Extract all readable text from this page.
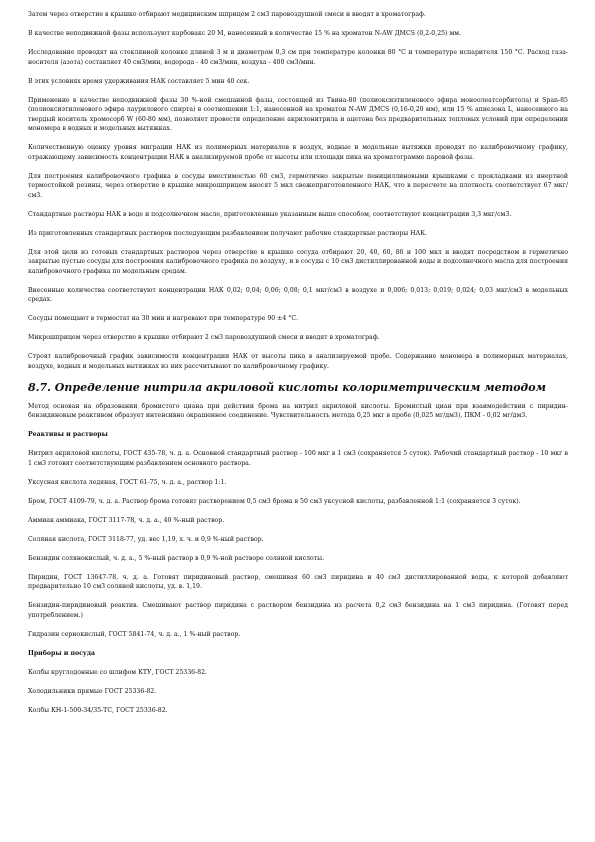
Затем через отверстие в крышке отбирают медицинским шприцем 2 см3 паровоздушной смеси и вводят в хроматограф.

В качестве неподвижной фазы используют карбовакс 20 М, нанесенный в количестве 15 % на хроматон N-AW ДМСS (0,2-0,25) мм.

Исследование проводят на стеклянной колонке длиной 3 м и диаметром 0,3 см при температуре колонки 80 °С и температуре испарителя 150 °С. Расход газа-носителя (азота) составляет 40 см3/мин, водорода - 40 см3/мин, воздуха - 400 см3/мин.

В этих условиях время удерживания НАК составляет 5 мин 40 сек.

Применение в качестве неподвижной фазы 30 %-ной смешанной фазы, состоящей из Твина-80 (полиоксиэтиленового эфира моноолеатсорбитола) и Span-85 (полиоксиэтиленового эфира лаурилового спирта) в соотношении 1:1, нанесенной на хроматон N-AW ДМСS (0,16-0,20 мм), или 15 % апиезона L, нанесенного на твердый носитель хромосорб W (60-80 мм), позволяет провести определение акрилонитрила и ацетона без предварительных тепловых условий при определении мономера в водных и модельных вытяжках.

Количественную оценку уровня миграции НАК из полимерных материалов в воздух, водные и модельные вытяжки проводят по калибровочному графику, отражающему зависимость концентрации НАК в анализируемой пробе от высоты или площади пика на хроматограмме паровой фазы.

Для построения калибровочного графика в сосуды вместимостью 60 см3, герметично закрытые пенициллиновыми крышками с прокладками из инертной термостойкой резины, через отверстие в крышке микрошприцем вносят 5 мкл свежеприготовленного НАК, что в пересчете на плотность соответствует 67 мкг/см3.

Стандартные растворы НАК в воде и подсолнечном масле, приготовленные указанным выше способом, соответствуют концентрации 3,3 мкг/см3.

Из приготовленных стандартных растворов последующим разбавлением получают рабочие стандартные растворы НАК.

Для этой цели из готовых стандартных растворов через отверстие в крышке сосуда отбирают 20, 40, 60, 80 и 100 мкл и вводят посредством в герметично закрытые пустые сосуды для построения калибровочного графика по воздуху, и в сосуды с 10 см3 дистиллированной воды и подсолнечного масла для построения калибровочного графика по модельным средам.

Внесенные количества соответствуют концентрации НАК 0,02; 0,04; 0,06; 0,08; 0,1 мкг/см3 в воздухе и 0,006; 0,013; 0,019; 0,024; 0,03 мкг/см3 в модельных средах.

Сосуды помещают в термостат на 30 мин и нагревают при температуре 90 ±4 °С.

Микрошприцем через отверстие в крышке отбирают 2 см3 паровоздушной смеси и вводят в хроматограф.

Строят калибровочный график зависимости концентрации НАК от высоты пика в анализируемой пробе. Содержание мономера в полимерных материалах, воздухе, водных и модельных вытяжках из них рассчитывают по калибровочному графику.

8.7. Определение нитрила акриловой кислоты колориметрическим методом

Метод основан на образовании бромистого циана при действии брома на нитрил акриловой кислоты. Бромистый циан при взаимодействии с пиридин-бензидиновым реактивом образует интенсивно окрашенное соединение. Чувствительность метода 0,25 мкг в пробе (0,025 мг/дм3), ПКМ - 0,02 мг/дм3.

Реактивы и растворы

Нитрил акриловой кислоты, ГОСТ 435-78, ч. д. а. Основной стандартный раствор - 100 мкг в 1 см3 (сохраняется 5 суток). Рабочий стандартный раствор - 10 мкг в 1 см3 готовят соответствующим разбавлением основного раствора.

Уксусная кислота ледяная, ГОСТ 61-75, ч. д. а., раствор 1:1.

Бром, ГОСТ 4109-79, ч. д. а. Раствор брома готовят растворением 0,5 см3 брома в 50 см3 уксусной кислоты, разбавленной 1:1 (сохраняется 3 суток).

Аммиак аммиака, ГОСТ 3117-78, ч. д. а., 40 %-ный раствор.

Соляная кислота, ГОСТ 3118-77, уд. вес 1,19, х. ч. и 0,9 %-ный раствор.

Бензидин солянокислый, ч. д. а., 5 %-ный раствор в 0,9 %-ной растворе соляной кислоты.

Пиридин, ГОСТ 13647-78, ч. д. а. Готовят пиридиновый раствор, смешивая 60 см3 пиридина и 40 см3 дистиллированной воды, к которой добавляют предварительно 10 см3 соляной кислоты, уд. в. 1,19.

Бензидин-пиридиновый реактив. Смешивают раствор пиридина с раствором бензидина из расчета 0,2 см3 бензидина на 1 см3 пиридина. (Готовят перед употреблением.)

Гидразин сернокислый, ГОСТ 5841-74, ч. д. а., 1 %-ный раствор.

Приборы и посуда

Колбы круглодонные со шлифом КТУ, ГОСТ 25336-82.

Холодильники прямые ГОСТ 25336-82.

Колбы КН-1-500-34/35-ТС, ГОСТ 25336-82.
